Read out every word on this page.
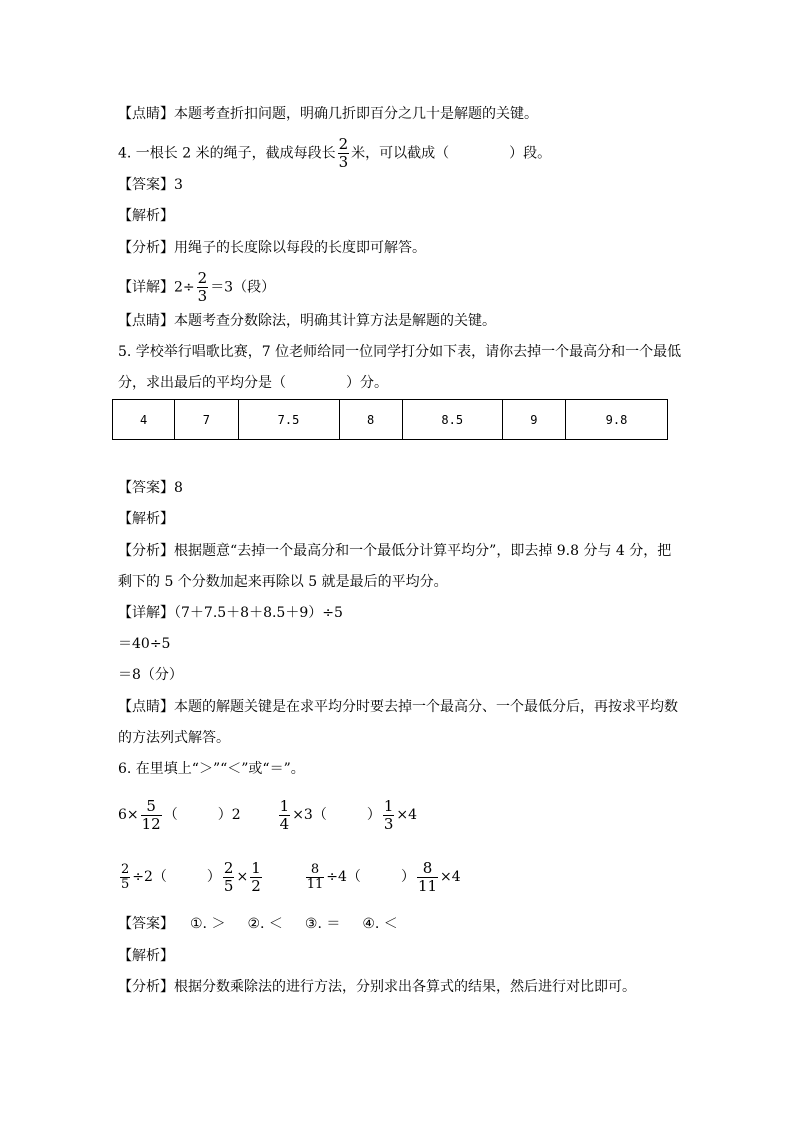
【点睛】本题考查折扣问题，明确几折即百分之几十是解题的关键。
4. 一根长 2 米的绳子，截成每段长 $\frac{2}{3}$ 米，可以截成（	）段。
【答案】3
【解析】
【分析】用绳子的长度除以每段的长度即可解答。
【详解】$2\div \frac{2}{3} =3$（段）
【点睛】本题考查分数除法，明确其计算方法是解题的关键。
5. 学校举行唱歌比赛，7 位老师给同一位同学打分如下表，请你去掉一个最高分和一个最低
分，求出最后的平均分是（	）分。
4	7	7.5	8	8.5	9	9.8
【答案】8
【解析】
【分析】根据题意“去掉一个最高分和一个最低分计算平均分”，即去掉 9.8 分与 4 分，把
剩下的 5 个分数加起来再除以 5 就是最后的平均分。
【详解】（7＋7.5＋8＋8.5＋9）÷5
＝40÷5
＝8（分）
【点睛】本题的解题关键是在求平均分时要去掉一个最高分、一个最低分后，再按求平均数
的方法列式解答。
6. 在里填上“＞”“＜”或“＝”。
$6\times \frac{5}{12}$ （	）2	$\frac{1}{4} \times 3$（	） $\frac{1}{3} \times 4$
$\frac{2}{5} \div 2$（	） $\frac{2}{5} \times \frac{1}{2}$	$\frac{8}{11} \div 4$（	） $\frac{8}{11} \times 4$
【答案】 ①. ＞ ②. ＜ ③. ＝ ④. ＜
【解析】
【分析】根据分数乘除法的进行方法，分别求出各算式的结果，然后进行对比即可。
